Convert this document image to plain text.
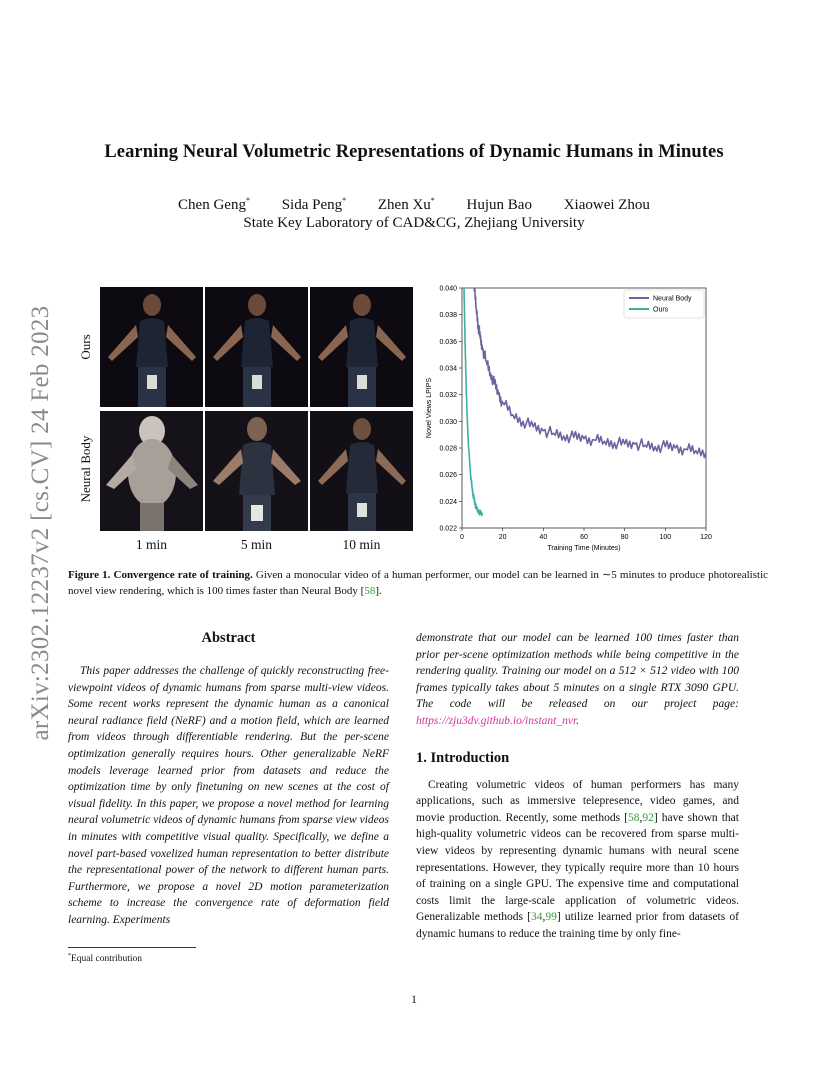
Learning Neural Volumetric Representations of Dynamic Humans in Minutes
Chen Geng* Sida Peng* Zhen Xu* Hujun Bao Xiaowei Zhou
State Key Laboratory of CAD&CG, Zhejiang University
arXiv:2302.12237v2 [cs.CV] 24 Feb 2023 Ours
Neural Body
1 min	5 min	10 min
0.022
0.024
0.026
0.028
0.030
0.032
0.034
0.036
0.038
0.040
0	20	40	60	80	100	120
Novel Views LPIPS
Training Time (Minutes)
Neural Body
Ours
Figure 1. Convergence rate of training. Given a monocular video of a human performer, our model can be learned in ∼5 minutes to produce photorealistic novel view rendering, which is 100 times faster than Neural Body [58].
Abstract
This paper addresses the challenge of quickly reconstructing free-viewpoint videos of dynamic humans from sparse multi-view videos. Some recent works represent the dynamic human as a canonical neural radiance field (NeRF) and a motion field, which are learned from videos through differentiable rendering. But the per-scene optimization generally requires hours. Other generalizable NeRF models leverage learned prior from datasets and reduce the optimization time by only finetuning on new scenes at the cost of visual fidelity. In this paper, we propose a novel method for learning neural volumetric videos of dynamic humans from sparse view videos in minutes with competitive visual quality. Specifically, we define a novel part-based voxelized human representation to better distribute the representational power of the network to different human parts. Furthermore, we propose a novel 2D motion parameterization scheme to increase the convergence rate of deformation field learning. Experiments
demonstrate that our model can be learned 100 times faster than prior per-scene optimization methods while being competitive in the rendering quality. Training our model on a 512 × 512 video with 100 frames typically takes about 5 minutes on a single RTX 3090 GPU. The code will be released on our project page: https://zju3dv.github.io/instant_nvr.
1. Introduction
Creating volumetric videos of human performers has many applications, such as immersive telepresence, video games, and movie production. Recently, some methods [58,92] have shown that high-quality volumetric videos can be recovered from sparse multi-view videos by representing dynamic humans with neural scene representations. However, they typically require more than 10 hours of training on a single GPU. The expensive time and computational costs limit the large-scale application of volumetric videos. Generalizable methods [34,99] utilize learned prior from datasets of dynamic humans to reduce the training time by only fine-
*Equal contribution
1
